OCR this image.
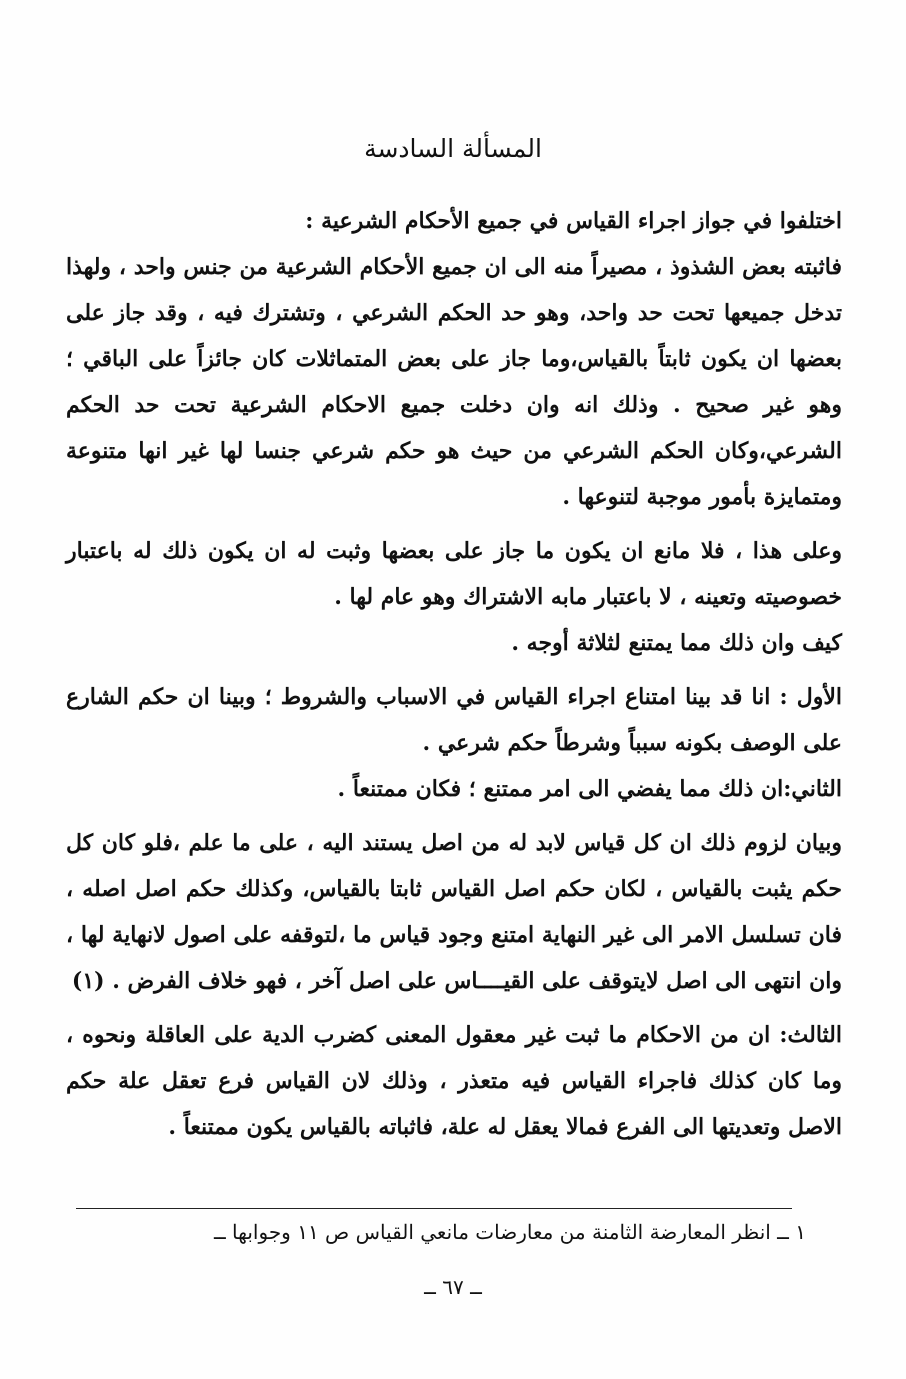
المسألة السادسة

اختلفوا في جواز اجراء القياس في جميع الأحكام الشرعية :

فاثبته بعض الشذوذ ، مصيراً منه الى ان جميع الأحكام الشرعية من جنس واحد ، ولهذا تدخل جميعها تحت حد واحد، وهو حد الحكم الشرعي ، وتشترك فيه ، وقد جاز على بعضها ان يكون ثابتاً بالقياس،وما جاز على بعض المتماثلات كان جائزاً على الباقي ؛ وهو غير صحيح . وذلك انه وان دخلت جميع الاحكام الشرعية تحت حد الحكم الشرعي،وكان الحكم الشرعي من حيث هو حكم شرعي جنسا لها غير انها متنوعة ومتمايزة بأمور موجبة لتنوعها .

وعلى هذا ، فلا مانع ان يكون ما جاز على بعضها وثبت له ان يكون ذلك له باعتبار خصوصيته وتعينه ، لا باعتبار مابه الاشتراك وهو عام لها .

كيف وان ذلك مما يمتنع لثلاثة أوجه .

الأول : انا قد بينا امتناع اجراء القياس في الاسباب والشروط ؛ وبينا ان حكم الشارع على الوصف بكونه سبباً وشرطاً حكم شرعي .

الثاني:ان ذلك مما يفضي الى امر ممتنع ؛ فكان ممتنعاً .

وبيان لزوم ذلك ان كل قياس لابد له من اصل يستند اليه ، على ما علم ،فلو كان كل حكم يثبت بالقياس ، لكان حكم اصل القياس ثابتا بالقياس، وكذلك حكم اصل اصله ، فان تسلسل الامر الى غير النهاية امتنع وجود قياس ما ،لتوقفه على اصول لانهاية لها ، وان انتهى الى اصل لايتوقف على القيــــاس على اصل آخر ، فهو خلاف الفرض . (١)

الثالث: ان من الاحكام ما ثبت غير معقول المعنى كضرب الدية على العاقلة ونحوه ، وما كان كذلك فاجراء القياس فيه متعذر ، وذلك لان القياس فرع تعقل علة حكم الاصل وتعديتها الى الفرع فمالا يعقل له علة، فاثباته بالقياس يكون ممتنعاً .

١ ــ انظر المعارضة الثامنة من معارضات مانعي القياس ص ١١ وجوابها ــ
ــ ٦٧ ــ
